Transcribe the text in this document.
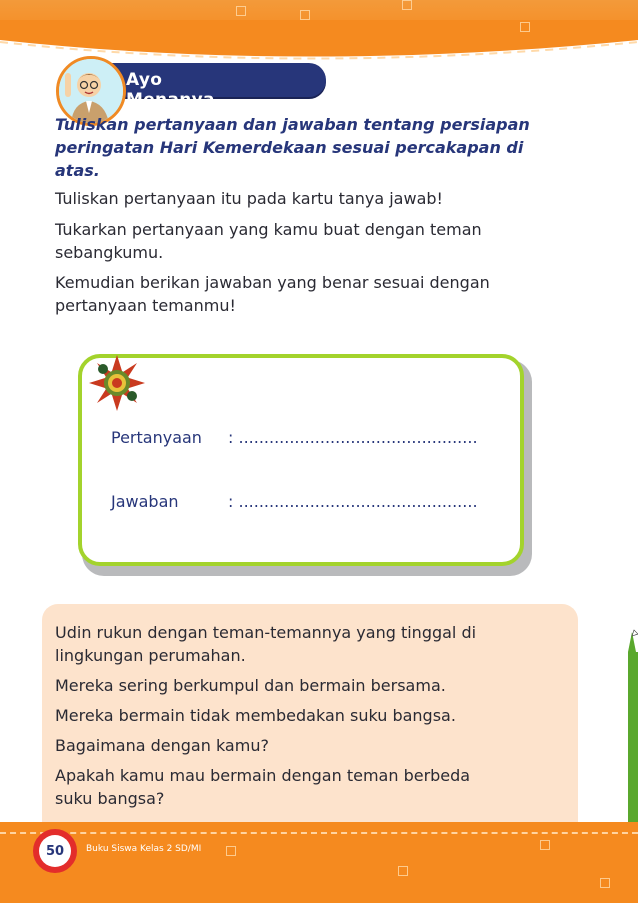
Ayo Menanya
Tuliskan pertanyaan dan jawaban tentang persiapan
peringatan Hari Kemerdekaan sesuai percakapan di
atas.
Tuliskan pertanyaan itu pada kartu tanya jawab!
Tukarkan pertanyaan yang kamu buat dengan teman
sebangkumu.
Kemudian berikan jawaban yang benar sesuai dengan
pertanyaan temanmu!
Pertanyaan : ...............................................
Jawaban	: ...............................................
Udin rukun dengan teman-temannya yang tinggal di
lingkungan perumahan.
Mereka sering berkumpul dan bermain bersama.
Mereka bermain tidak membedakan suku bangsa.
Bagaimana dengan kamu?
Apakah kamu mau bermain dengan teman berbeda
suku bangsa?
50	Buku Siswa Kelas 2 SD/MI
